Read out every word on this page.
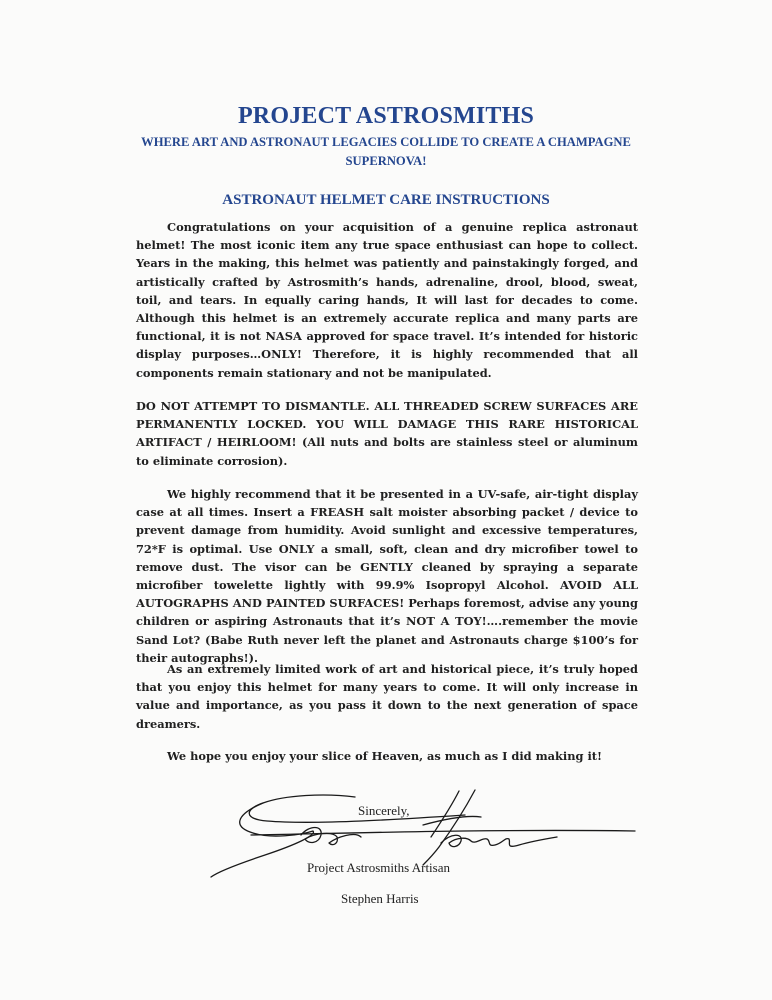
PROJECT ASTROSMITHS
WHERE ART AND ASTRONAUT LEGACIES COLLIDE TO CREATE A CHAMPAGNE SUPERNOVA!
ASTRONAUT HELMET CARE INSTRUCTIONS

Congratulations on your acquisition of a genuine replica astronaut helmet! The most iconic item any true space enthusiast can hope to collect. Years in the making, this helmet was patiently and painstakingly forged, and artistically crafted by Astrosmith’s hands, adrenaline, drool, blood, sweat, toil, and tears. In equally caring hands, It will last for decades to come. Although this helmet is an extremely accurate replica and many parts are functional, it is not NASA approved for space travel. It’s intended for historic display purposes…ONLY! Therefore, it is highly recommended that all components remain stationary and not be manipulated.

DO NOT ATTEMPT TO DISMANTLE. ALL THREADED SCREW SURFACES ARE PERMANENTLY LOCKED. YOU WILL DAMAGE THIS RARE HISTORICAL ARTIFACT / HEIRLOOM! (All nuts and bolts are stainless steel or aluminum to eliminate corrosion).

We highly recommend that it be presented in a UV-safe, air-tight display case at all times. Insert a FREASH salt moister absorbing packet / device to prevent damage from humidity. Avoid sunlight and excessive temperatures, 72*F is optimal. Use ONLY a small, soft, clean and dry microfiber towel to remove dust. The visor can be GENTLY cleaned by spraying a separate microfiber towelette lightly with 99.9% Isopropyl Alcohol. AVOID ALL AUTOGRAPHS AND PAINTED SURFACES! Perhaps foremost, advise any young children or aspiring Astronauts that it’s NOT A TOY!….remember the movie Sand Lot? (Babe Ruth never left the planet and Astronauts charge $100’s for their autographs!).

As an extremely limited work of art and historical piece, it’s truly hoped that you enjoy this helmet for many years to come. It will only increase in value and importance, as you pass it down to the next generation of space dreamers.

We hope you enjoy your slice of Heaven, as much as I did making it!
Sincerely,
Project Astrosmiths Artisan
Stephen Harris
